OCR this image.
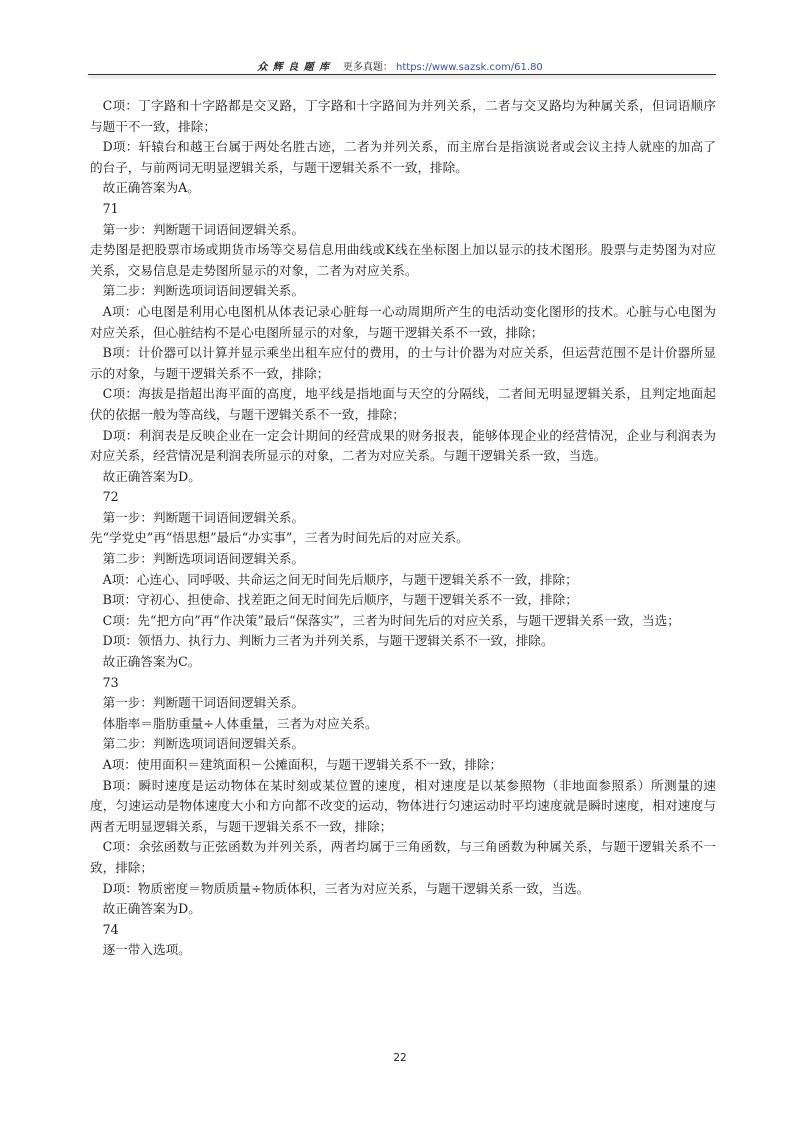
众 辉 良 题 库 更多真题： https://www.sazsk.com/61.80

C项：丁字路和十字路都是交叉路，丁字路和十字路间为并列关系，二者与交叉路均为种属关系，但词语顺序与题干不一致，排除；

D项：轩辕台和越王台属于两处名胜古迹，二者为并列关系，而主席台是指演说者或会议主持人就座的加高了的台子，与前两词无明显逻辑关系，与题干逻辑关系不一致，排除。

故正确答案为A。

71

第一步：判断题干词语间逻辑关系。

走势图是把股票市场或期货市场等交易信息用曲线或K线在坐标图上加以显示的技术图形。股票与走势图为对应关系，交易信息是走势图所显示的对象，二者为对应关系。

第二步：判断选项词语间逻辑关系。

A项：心电图是利用心电图机从体表记录心脏每一心动周期所产生的电活动变化图形的技术。心脏与心电图为对应关系，但心脏结构不是心电图所显示的对象，与题干逻辑关系不一致，排除；

B项：计价器可以计算并显示乘坐出租车应付的费用，的士与计价器为对应关系，但运营范围不是计价器所显示的对象，与题干逻辑关系不一致，排除；

C项：海拔是指超出海平面的高度，地平线是指地面与天空的分隔线，二者间无明显逻辑关系，且判定地面起伏的依据一般为等高线，与题干逻辑关系不一致，排除；

D项：利润表是反映企业在一定会计期间的经营成果的财务报表，能够体现企业的经营情况，企业与利润表为对应关系，经营情况是利润表所显示的对象，二者为对应关系。与题干逻辑关系一致，当选。

故正确答案为D。

72

第一步：判断题干词语间逻辑关系。

先“学党史”再“悟思想”最后“办实事”，三者为时间先后的对应关系。

第二步：判断选项词语间逻辑关系。

A项：心连心、同呼吸、共命运之间无时间先后顺序，与题干逻辑关系不一致，排除；

B项：守初心、担使命、找差距之间无时间先后顺序，与题干逻辑关系不一致，排除；

C项：先“把方向”再“作决策”最后“保落实”，三者为时间先后的对应关系，与题干逻辑关系一致，当选；

D项：领悟力、执行力、判断力三者为并列关系，与题干逻辑关系不一致，排除。

故正确答案为C。

73

第一步：判断题干词语间逻辑关系。

体脂率＝脂肪重量÷人体重量，三者为对应关系。

第二步：判断选项词语间逻辑关系。

A项：使用面积＝建筑面积－公摊面积，与题干逻辑关系不一致，排除；

B项：瞬时速度是运动物体在某时刻或某位置的速度，相对速度是以某参照物（非地面参照系）所测量的速度，匀速运动是物体速度大小和方向都不改变的运动，物体进行匀速运动时平均速度就是瞬时速度，相对速度与两者无明显逻辑关系，与题干逻辑关系不一致，排除；

C项：余弦函数与正弦函数为并列关系，两者均属于三角函数，与三角函数为种属关系，与题干逻辑关系不一致，排除；

D项：物质密度＝物质质量÷物质体积，三者为对应关系，与题干逻辑关系一致，当选。

故正确答案为D。

74

逐一带入选项。

22
